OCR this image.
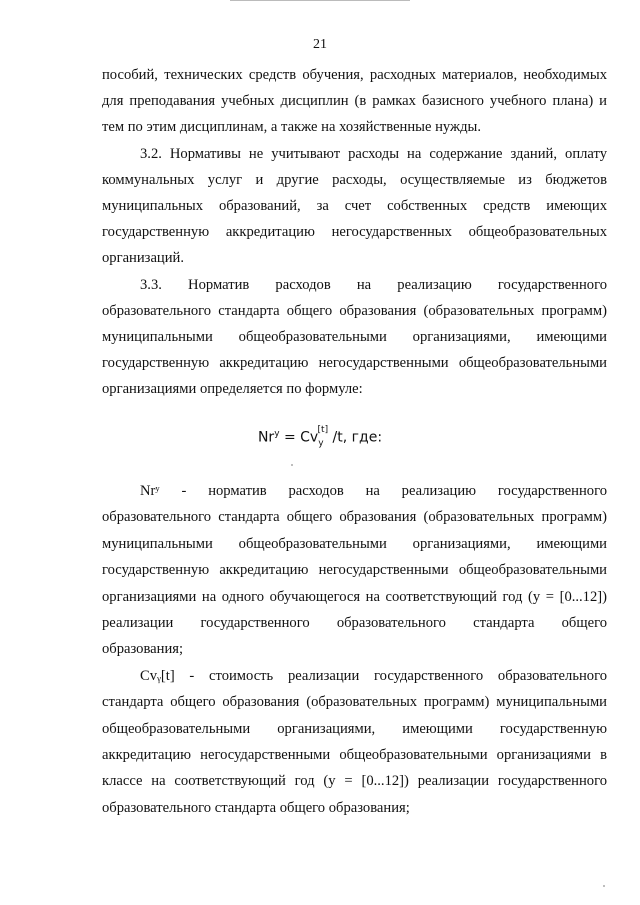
21
пособий, технических средств обучения, расходных материалов, необходимых
для преподавания учебных дисциплин (в рамках базисного учебного плана) и
тем по этим дисциплинам, а также на хозяйственные нужды.
3.2. Нормативы не учитывают расходы на содержание зданий, оплату
коммунальных услуг и другие расходы, осуществляемые из бюджетов
муниципальных образований, за счет собственных средств имеющих
государственную аккредитацию негосударственных общеобразовательных
организаций.
3.3. Норматив расходов на реализацию государственного
образовательного стандарта общего образования (образовательных программ)
муниципальными общеобразовательными организациями, имеющими
государственную аккредитацию негосударственными общеобразовательными
организациями определяется по формуле:
$Nr^у = Cv_у[t]$ /t, где:
Nrʸ - норматив расходов на реализацию государственного
образовательного стандарта общего образования (образовательных программ)
муниципальными общеобразовательными организациями, имеющими
государственную аккредитацию негосударственными общеобразовательными
организациями на одного обучающегося на соответствующий год (у = [0...12])
реализации государственного образовательного стандарта общего
образования;
Cvᵧ[t] - стоимость реализации государственного образовательного
стандарта общего образования (образовательных программ) муниципальными
общеобразовательными организациями, имеющими государственную
аккредитацию негосударственными общеобразовательными организациями в
классе на соответствующий год (у = [0...12]) реализации государственного
образовательного стандарта общего образования;
